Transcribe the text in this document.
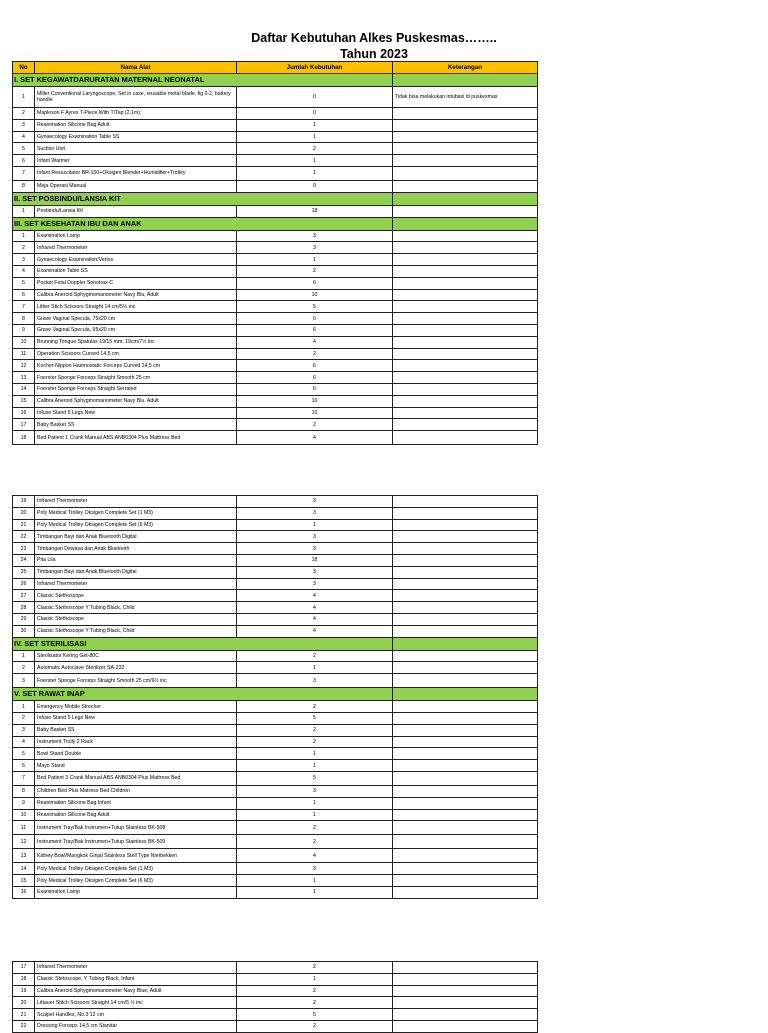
Daftar Kebutuhan Alkes Puskesmas……..
Tahun 2023
No	Nama Alat	Jumlah Kebutuhan	Keterangan
I. SET KEGAWATDARURATAN MATERNAL NEONATAL			
1	Miller Conventional Laryngoscope, Set in case, reusable metal blade, fig 0-2, battery handle	0	Tidak bisa melakukan intubasi di puskesmas
2	Mapleson F Ayres T-Piece With T/Tap (2,1m)	0	
3	Reanimation Silicone Bag Adult	1	
4	Gynaecology Examination Table SS	1	
5	Suction Unit	2	
6	Infant Warmer	1	
7	Infant Resuscitator BR-100+Oksigen Blender+Humidifier+Trolley	1	
8	Meja Operasi Manual	0	
II. SET POSBINDU/LANSIA KIT			
1	Posbindu/Lansia Kit	18	
III. SET KESEHATAN IBU DAN ANAK			
1	Examination Lamp	3	
2	Infrared Thermometer	3	
3	Gynaecology Examination/Verlos	1	
4	Examination Table SS	2	
5	Pocket Fetal Doppler Sonotrax-C	6	
6	Calibra Aneroid Sphygmomanometer Navy Blu, Adult	10	
7	Littier Stich Scissors Straight 14 cm/5½ inc	5	
8	Grave Vaginal Specula, 75x20 cm	6	
9	Grave Vaginal Specula, 95x20 cm	6	
10	Brunning Tongue Spatulas 19/15 mm, 19cm/7½ inc	4	
11	Operation Scissors Curved 14,5 cm	2	
12	Kocher-Nippon Haemostatic Forceps Curved 14,5 cm	6	
13	Foerster Sponge Forceps Straight Smooth 25 cm	6	
14	Foerster Sponge Forceps Straight Serrated	6	
15	Calibra Aneroid Sphygmomanometer Navy Blu, Adult	10	
16	Infuse Stand 5 Legs New	10	
17	Baby Basket SS	2	
18	Bed Patient 1 Crank Manual ABS ANB0304 Plus Mattress Bed	4	
19	Infrared Thermometer	3	
20	Poly Medical Trolley Oksigen Complete Set (1 M3)	3	
21	Poly Medical Trolley Oksigen Complete Set (6 M3)	1	
22	Timbangan Bayi dan Anak Bluetooth Digital	3	
23	Timbangan Dewasa dan Anak Bluetooth	3	
24	Pita Lila	18	
25	Timbangan Bayi dan Anak Bluetooth Digital	3	
26	Infrared Thermometer	3	
27	Classic Stethoscope	4	
28	Classic Stethoscope Y Tubing Black, Child	4	
29	Classic Stethoscope	4	
30	Classic Stethoscope Y Tubing Black, Child	4	
IV. SET STERILISASI			
1	Sterilisator Kering Get-80C	2	
2	Automatic Autoclave Sterilizer SA-232	1	
3	Foerster Sponge Forceps Straight Smooth 25 cm/9½ inc	3	
V. SET RAWAT INAP			
1	Emergency Mobile Strecher	2	
2	Infuse Stand 5 Legs New	5	
3	Baby Basket SS	2	
4	Instrument Trolly 2 Rack	2	
5	Bowl Stand Double	1	
6	Mayo Stand	1	
7	Bed Patient 3 Crank Manual ABS ANB0304 Plus Mattress Bed	5	
8	Children Bed Plus Matress Bed Children	3	
9	Reanimation Silicone Bag Infant	1	
10	Reanimation Silicone Bag Adult	1	
11	Instrument Tray/Bak Instrumen+Tutup Stainless BK-508	2	
12	Instrument Tray/Bak Instrumen+Tutup Stainless BK-509	2	
13	Kidney Bowl/Mangkok Ginjal Stainless Stell Type Nierbekken	4	
14	Poly Medical Trolley Oksigen Complete Set (1 M3)	3	
15	Poly Medical Trolley Oksigen Complete Set (6 M3)	1	
16	Examination Lamp	1	
17	Infrared Thermometer	2	
18	Classic Stetoscope, Y Tubing Black, Infant	1	
19	Calibra Aneroid Sphygmomanometer Navy Blue, Adult	2	
20	Littauer Stitch Scissors Straight 14 cm/5 ½ inc	2	
21	Scalpel Handles, No.3 12 cm	5	
22	Dressing Forceps 14,5 cm Standar	2	
